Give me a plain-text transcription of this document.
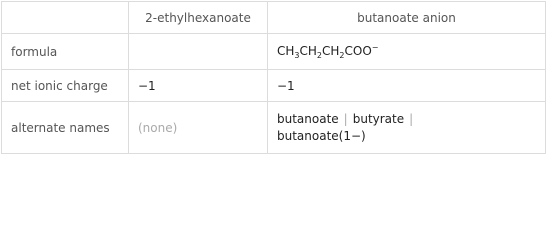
	2-ethylhexanoate	butanoate anion
formula		$CH_3CH_2CH_2COO^-$
net ionic charge	−1	−1
alternate names	(none)	butanoate | butyrate |
butanoate(1−)
